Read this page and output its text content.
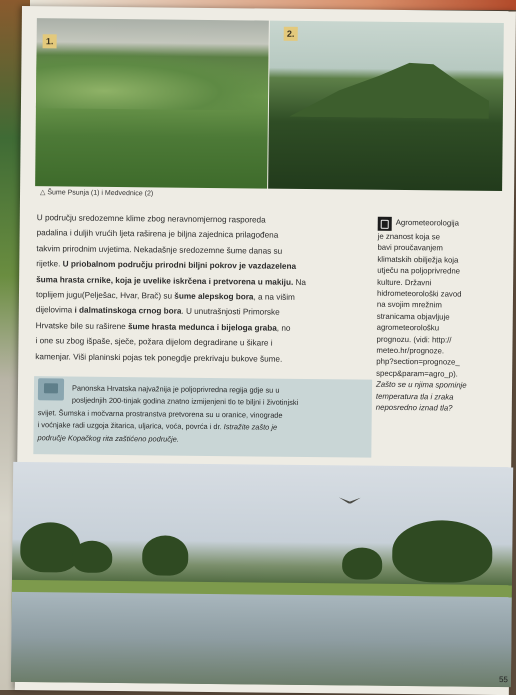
1.
2.
△ Šume Psunja (1) i Medvednice (2)
U području sredozemne klime zbog neravnomjernog rasporeda
padalina i duljih vrućih ljeta raširena je biljna zajednica prilagođena
takvim prirodnim uvjetima. Nekadašnje sredozemne šume danas su
rijetke. U priobalnom području prirodni biljni pokrov je vazdazelena
šuma hrasta crnike, koja je uvelike iskrčena i pretvorena u makiju. Na
toplijem jugu(Pelješac, Hvar, Brač) su šume alepskog bora, a na višim
dijelovima i dalmatinskoga crnog bora. U unutrašnjosti Primorske
Hrvatske bile su raširene šume hrasta medunca i bijeloɡa graba, no
i one su zbog išpaše, sječe, požara dijelom degradirane u šikare i
kamenjar. Viši planinski pojas tek ponegdje prekrivaju bukove šume.
Agrometeorologija
je znanost koja se
bavi proučavanjem
klimatskih obilježja koja
utječu na poljoprivredne
kulture. Državni
hidrometeorološki zavod
na svojim mrežnim
stranicama objavljuje
agrometeorološku
prognozu. (vidi: http://
meteo.hr/prognoze.
php?section=prognoze_
specp&param=agro_p).
Zašto se u njima spominje
temperatura tla i zraka
neposredno iznad tla?
Panonska Hrvatska najvažnija je poljoprivredna regija gdje su u
posljednjih 200-tinjak godina znatno izmijenjeni tlo te biljni i životinjski
svijet. Šumska i močvarna prostranstva pretvorena su u oranice, vinograde
i voćnjake radi uzgoja žitarica, uljarica, voća, povrća i dr. Istražite zašto je
područje Kopačkog rita zaštićeno područje.
55
